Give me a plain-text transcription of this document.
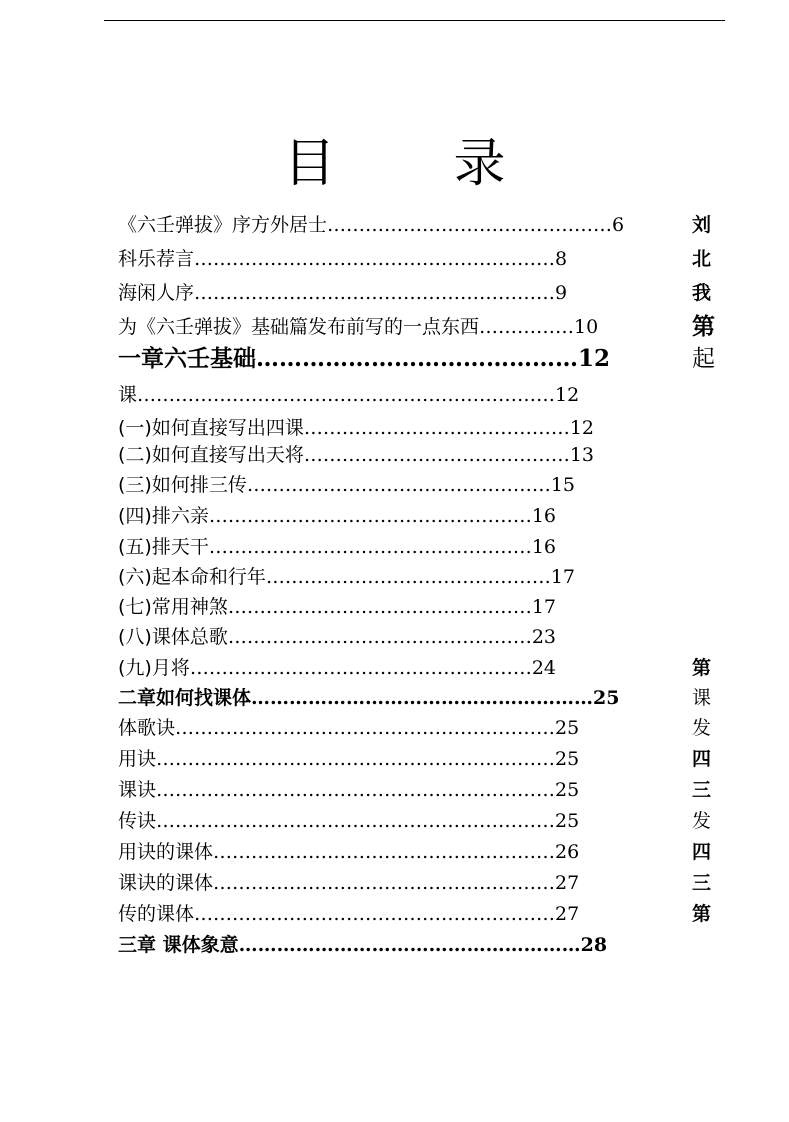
目 录
《六壬弹拔》序方外居士………………………………………6	刘
科乐荐言…………………………………………………8	北
海闲人序…………………………………………………9	我
为《六壬弹拔》基础篇发布前写的一点东西……………10	第
一章六壬基础……………………………………12	起
课…………………………………………………………12
(一)如何直接写出四课……………………………………12
(二)如何直接写出天将……………………………………13
(三)如何排三传…………………………………………15
(四)排六亲……………………………………………16
(五)排天干……………………………………………16
(六)起本命和行年………………………………………17
(七)常用神煞…………………………………………17
(八)课体总歌…………………………………………23
(九)月将………………………………………………24	第
二章如何找课体………………………………………………25	课
体歌诀……………………………………………………25	发
用诀………………………………………………………25	四
课诀………………………………………………………25	三
传诀………………………………………………………25	发
用诀的课体………………………………………………26	四
课诀的课体………………………………………………27	三
传的课体…………………………………………………27	第
三章 课体象意………………………………………………28
